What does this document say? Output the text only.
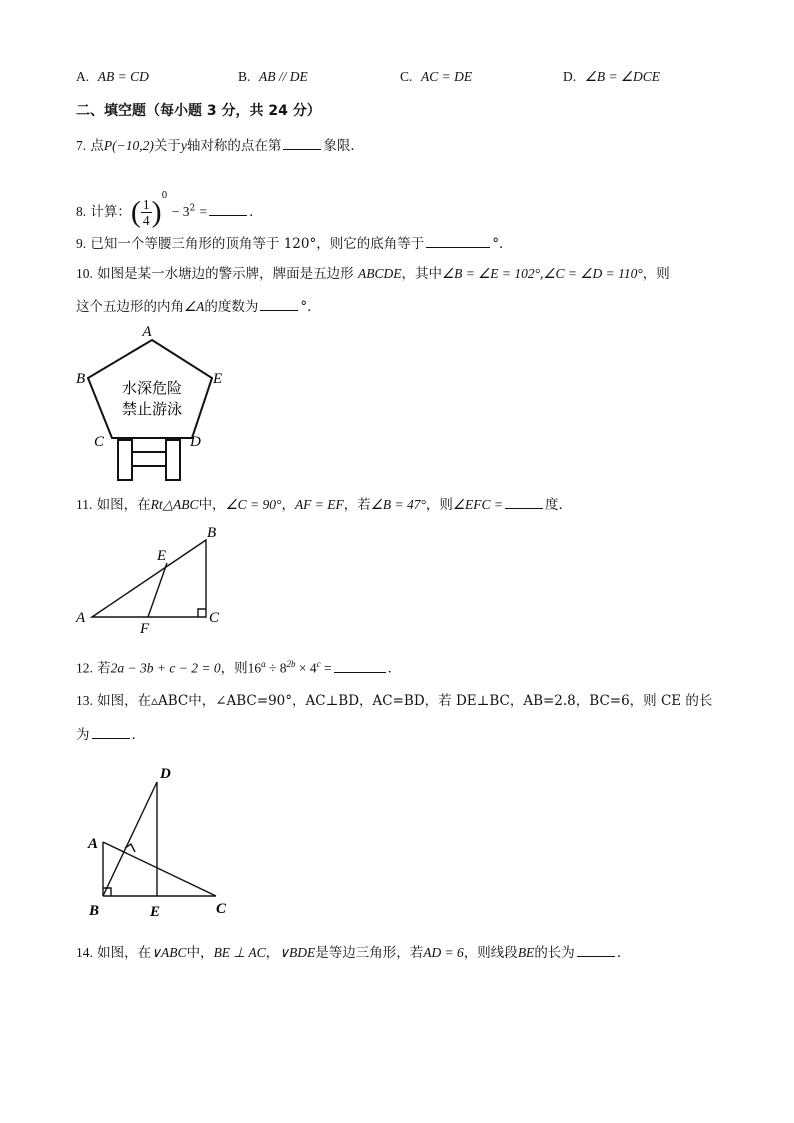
A. AB = CD	B. AB // DE	C. AC = DE	D. ∠B = ∠DCE
二、填空题（每小题 3 分，共 24 分）
7. 点P(−10,2)关于y轴对称的点在第	象限．
8. 计算：( $\frac{1}{4} )^0 - 3^2$ =	．
9. 已知一个等腰三角形的顶角等于 120°，则它的底角等于	°．
10. 如图是某一水塘边的警示牌，牌面是五边形 ABCDE，其中∠B = ∠E = 102°,∠C = ∠D = 110°，则
这个五边形的内角∠A的度数为	°．
A
B	E
C	D
水深危险
禁止游泳
11. 如图，在Rt△ABC中，∠C = 90°，AF = EF，若∠B = 47°，则∠EFC =	度．
A
B
C
E
F
12. 若2a − 3b + c − 2 = 0，则$16^a \div 8^{2b} \times 4^c$ =	．
13. 如图，在▵ABC中，∠ABC=90°，AC⊥BD，AC=BD，若 DE⊥BC，AB=2.8，BC=6，则 CE 的长
为	．
D
A
B	E	C
14. 如图，在∨ABC中，BE ⊥ AC，∨BDE是等边三角形，若AD = 6，则线段BE的长为	．
